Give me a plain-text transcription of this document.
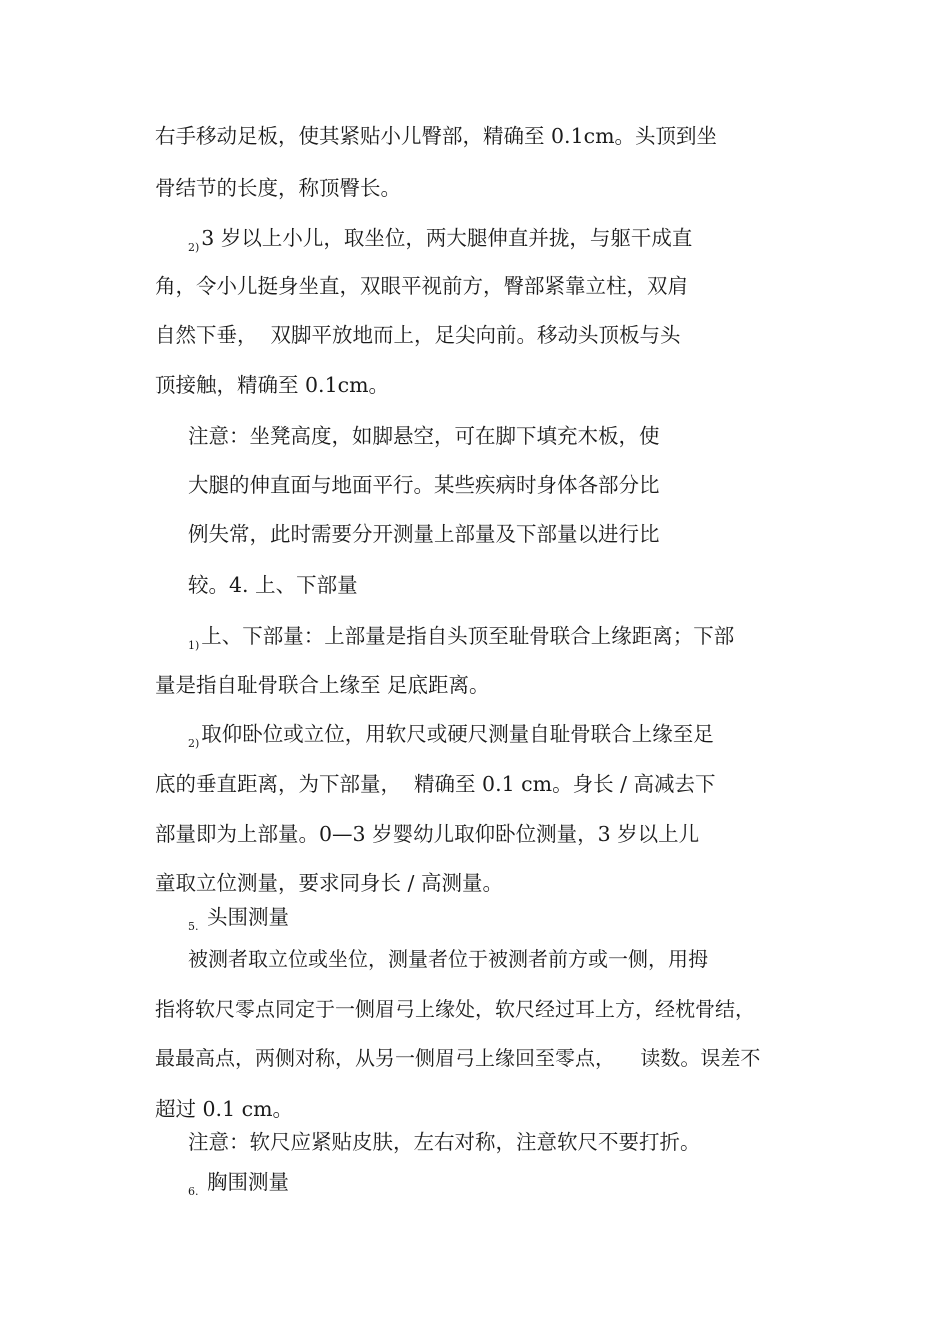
右手移动足板，使其紧贴小儿臀部，精确至 0.1cm。头顶到坐
骨结节的长度，称顶臀长。
$_{2)}$3 岁以上小儿，取坐位，两大腿伸直并拢，与躯干成直
角，令小儿挺身坐直，双眼平视前方，臀部紧靠立柱，双肩
自然下垂，  双脚平放地而上，足尖向前。移动头顶板与头
顶接触，精确至 0.1cm。
注意：坐凳高度，如脚悬空，可在脚下填充木板，使
大腿的伸直面与地面平行。某些疾病时身体各部分比
例失常，此时需要分开测量上部量及下部量以进行比
较。4. 上、下部量
$_{1)}$上、下部量：上部量是指自头顶至耻骨联合上缘距离；下部
量是指自耻骨联合上缘至 足底距离。
$_{2)}$取仰卧位或立位，用软尺或硬尺测量自耻骨联合上缘至足
底的垂直距离，为下部量，  精确至 0.1 cm。身长 / 高减去下
部量即为上部量。0—3 岁婴幼儿取仰卧位测量，3 岁以上儿
童取立位测量，要求同身长 / 高测量。
$_{5.}$ 头围测量
被测者取立位或坐位，测量者位于被测者前方或一侧，用拇
指将软尺零点同定于一侧眉弓上缘处，软尺经过耳上方，经枕骨结，
最最高点，两侧对称，从另一侧眉弓上缘回至零点，    读数。误差不
超过 0.1 cm。
注意：软尺应紧贴皮肤，左右对称，注意软尺不要打折。
$_{6.}$ 胸围测量
